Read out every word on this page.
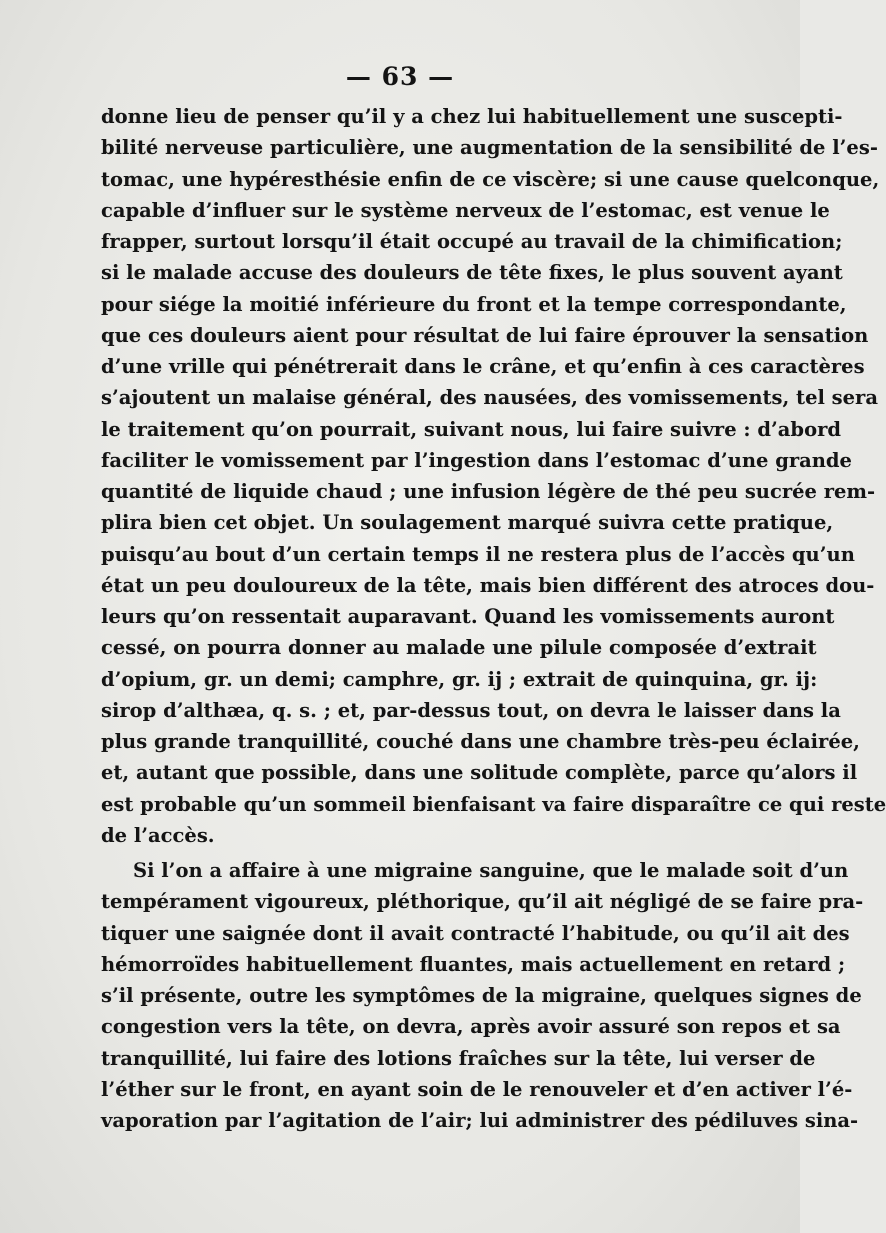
— 63 —
donne lieu de penser qu’il y a chez lui habituellement une suscepti-
bilité nerveuse particulière, une augmentation de la sensibilité de l’es-
tomac, une hypéresthésie enfin de ce viscère; si une cause quelconque,
capable d’influer sur le système nerveux de l’estomac, est venue le
frapper, surtout lorsqu’il était occupé au travail de la chimification;
si le malade accuse des douleurs de tête fixes, le plus souvent ayant
pour siége la moitié inférieure du front et la tempe correspondante,
que ces douleurs aient pour résultat de lui faire éprouver la sensation
d’une vrille qui pénétrerait dans le crâne, et qu’enfin à ces caractères
s’ajoutent un malaise général, des nausées, des vomissements, tel sera
le traitement qu’on pourrait, suivant nous, lui faire suivre : d’abord
faciliter le vomissement par l’ingestion dans l’estomac d’une grande
quantité de liquide chaud ; une infusion légère de thé peu sucrée rem-
plira bien cet objet. Un soulagement marqué suivra cette pratique,
puisqu’au bout d’un certain temps il ne restera plus de l’accès qu’un
état un peu douloureux de la tête, mais bien différent des atroces dou-
leurs qu’on ressentait auparavant. Quand les vomissements auront
cessé, on pourra donner au malade une pilule composée d’extrait
d’opium, gr. un demi; camphre, gr. ij ; extrait de quinquina, gr. ij:
sirop d’althæa, q. s. ; et, par-dessus tout, on devra le laisser dans la
plus grande tranquillité, couché dans une chambre très-peu éclairée,
et, autant que possible, dans une solitude complète, parce qu’alors il
est probable qu’un sommeil bienfaisant va faire disparaître ce qui reste
de l’accès.
Si l’on a affaire à une migraine sanguine, que le malade soit d’un
tempérament vigoureux, pléthorique, qu’il ait négligé de se faire pra-
tiquer une saignée dont il avait contracté l’habitude, ou qu’il ait des
hémorroïdes habituellement fluantes, mais actuellement en retard ;
s’il présente, outre les symptômes de la migraine, quelques signes de
congestion vers la tête, on devra, après avoir assuré son repos et sa
tranquillité, lui faire des lotions fraîches sur la tête, lui verser de
l’éther sur le front, en ayant soin de le renouveler et d’en activer l’é-
vaporation par l’agitation de l’air; lui administrer des pédiluves sina-
